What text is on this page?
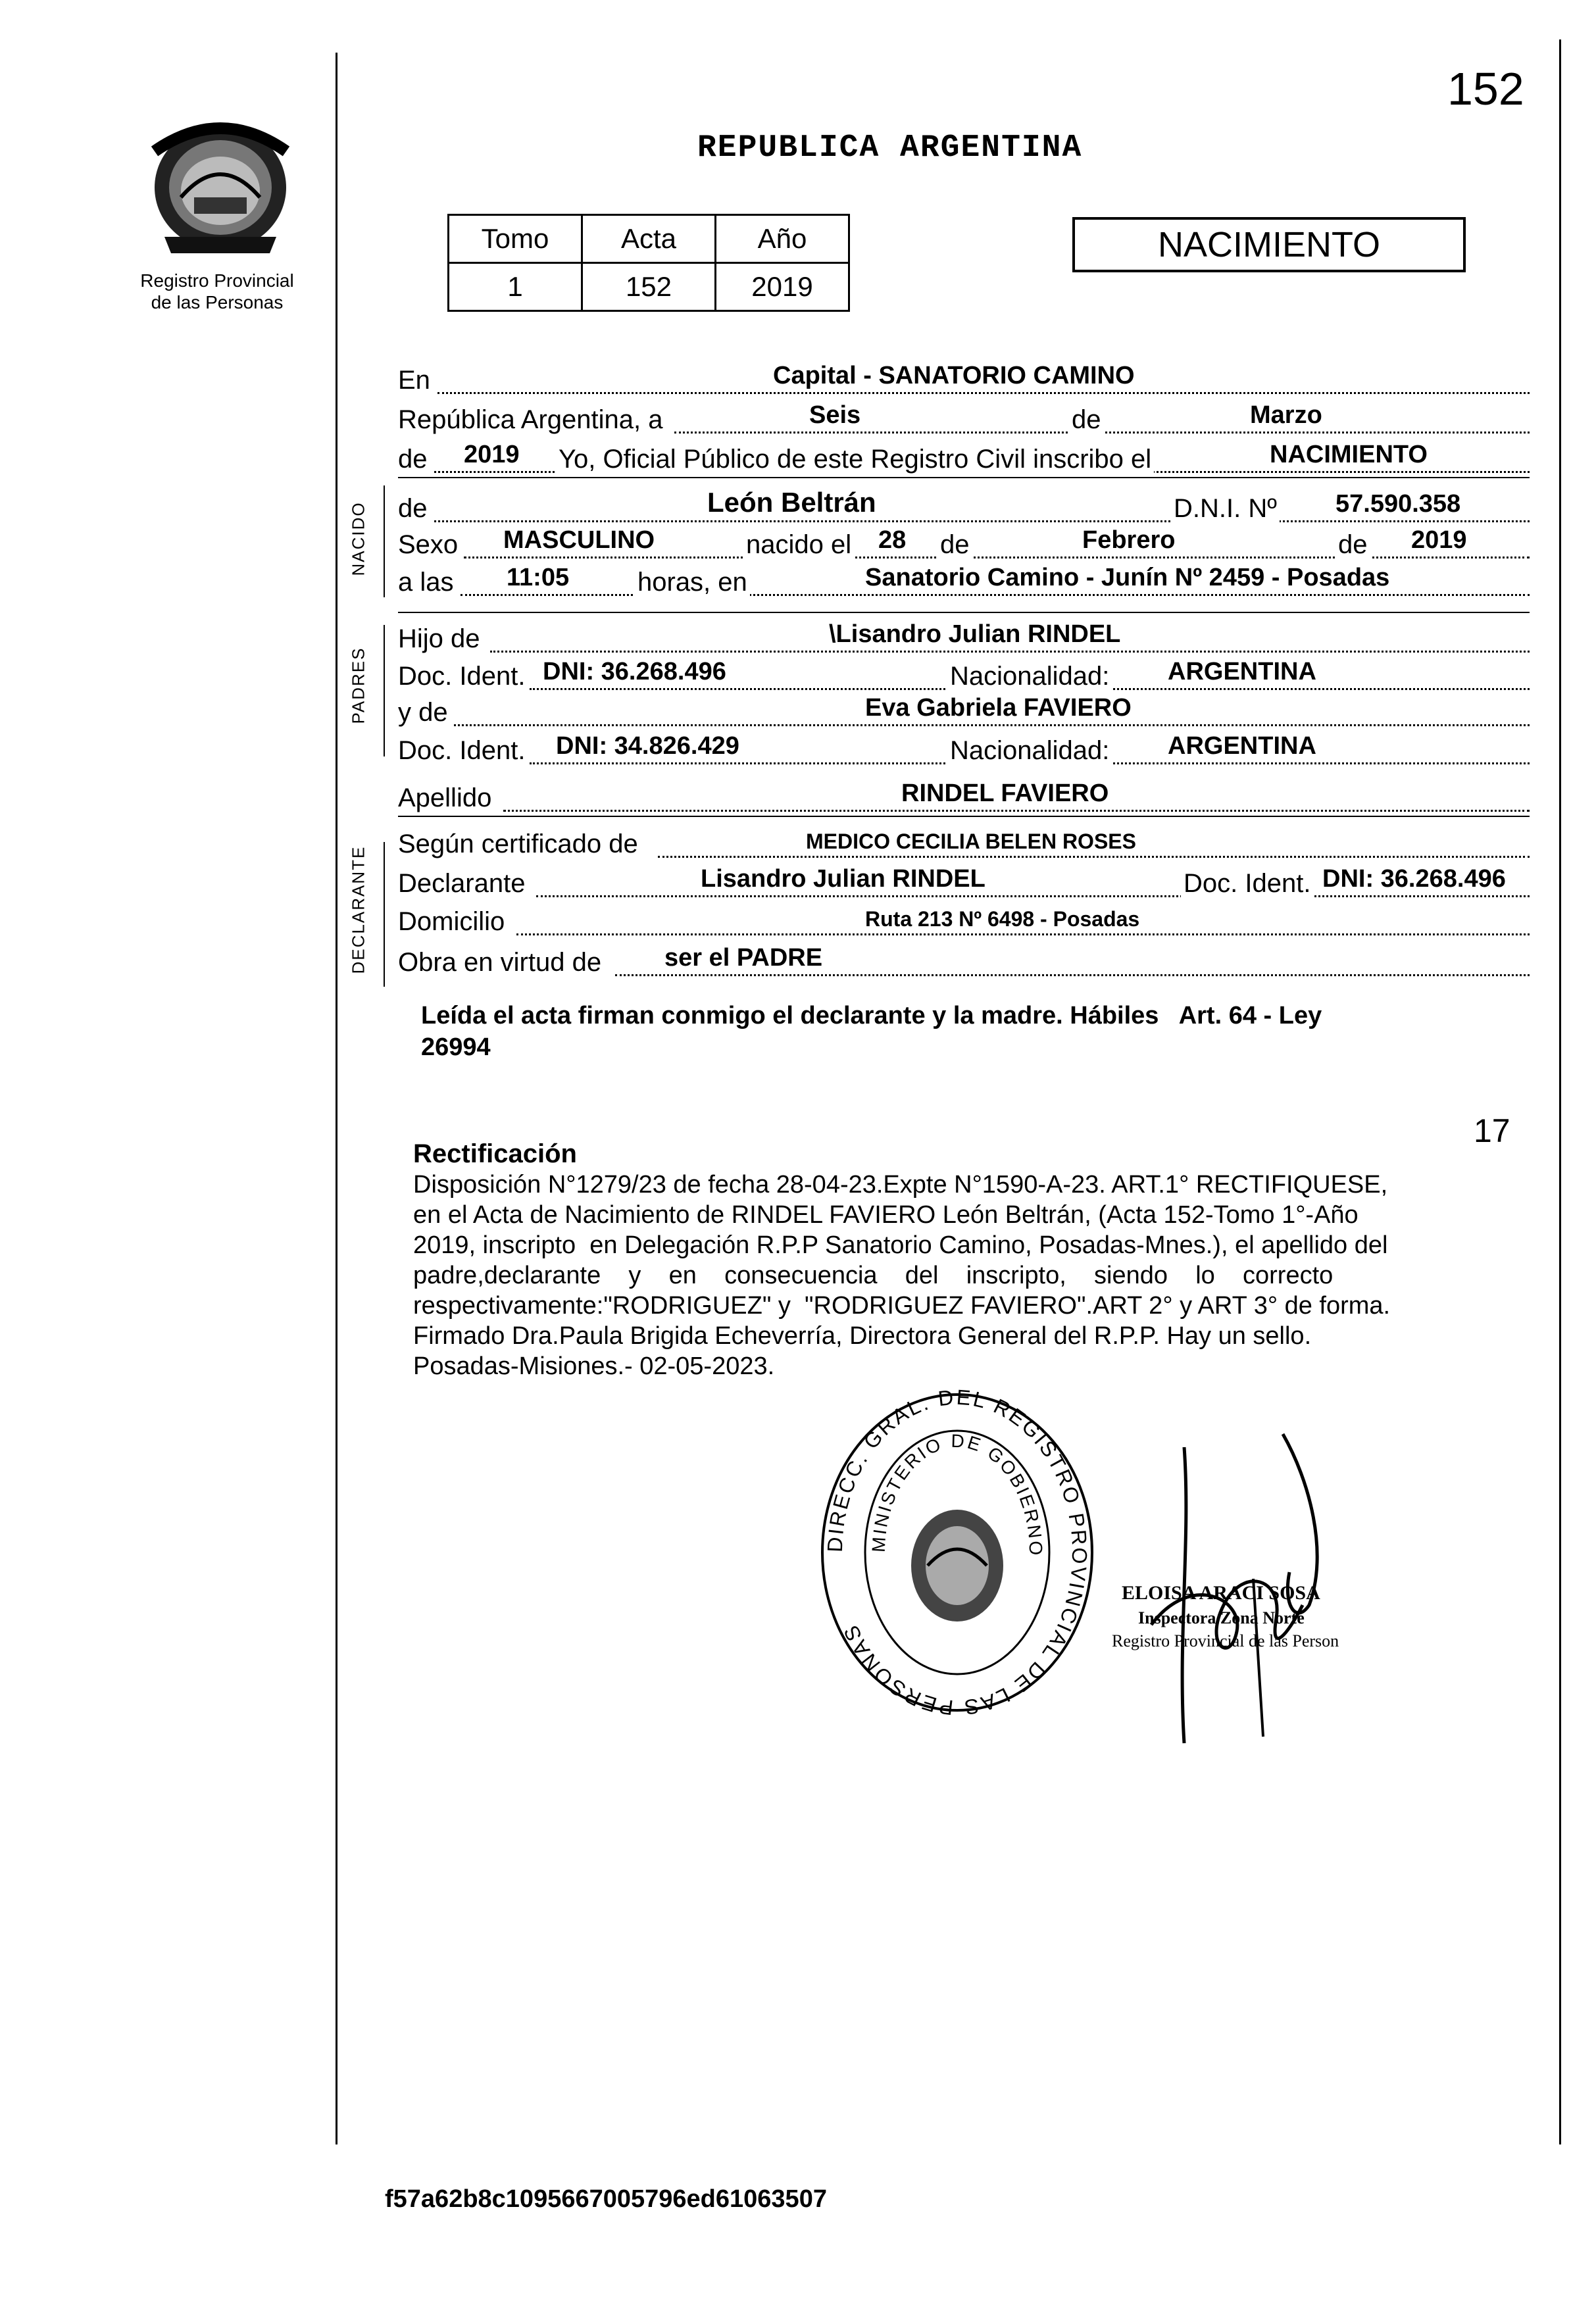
152
Registro Provincial
de las Personas
REPUBLICA ARGENTINA
Tomo	Acta	Año
1	152	2019
NACIMIENTO
NACIDO
PADRES
DECLARANTE
En	Capital - SANATORIO CAMINO
República Argentina, a	Seis	de	Marzo
de 2019 Yo, Oficial Público de este Registro Civil inscribo el	NACIMIENTO
de	León Beltrán	D.N.I. Nº 57.590.358
Sexo MASCULINO	nacido el 28 de	Febrero	de 2019
a las 11:05	horas, en	Sanatorio Camino - Junín Nº 2459 - Posadas
Hijo de	\Lisandro Julian RINDEL
Doc. Ident. DNI: 36.268.496	Nacionalidad: ARGENTINA
y de	Eva Gabriela FAVIERO
Doc. Ident. DNI: 34.826.429	Nacionalidad: ARGENTINA
Apellido	RINDEL FAVIERO
Según certificado de	MEDICO CECILIA BELEN ROSES
Declarante	Lisandro Julian RINDEL	Doc. Ident. DNI: 36.268.496
Domicilio	Ruta 213 Nº 6498 - Posadas
Obra en virtud de	ser el PADRE
Leída el acta firman conmigo el declarante y la madre. Hábiles   Art. 64 - Ley
26994
17
Rectificación
Disposición N°1279/23 de fecha 28-04-23.Expte N°1590-A-23. ART.1° RECTIFIQUESE,
en el Acta de Nacimiento de RINDEL FAVIERO León Beltrán, (Acta 152-Tomo 1°-Año
2019, inscripto  en Delegación R.P.P Sanatorio Camino, Posadas-Mnes.), el apellido del
padre,declarante    y    en    consecuencia    del    inscripto,    siendo    lo    correcto
respectivamente:"RODRIGUEZ" y  "RODRIGUEZ FAVIERO".ART 2° y ART 3° de forma.
Firmado Dra.Paula Brigida Echeverría, Directora General del R.P.P. Hay un sello.
Posadas-Misiones.- 02-05-2023.
DIRECC. GRAL. DEL REGISTRO PROVINCIAL DE LAS PERSONAS
MINISTERIO DE GOBIERNO
ELOISA ARACI SOSA
Inspectora Zona Norte
Registro Provincial de las Person
f57a62b8c1095667005796ed61063507
